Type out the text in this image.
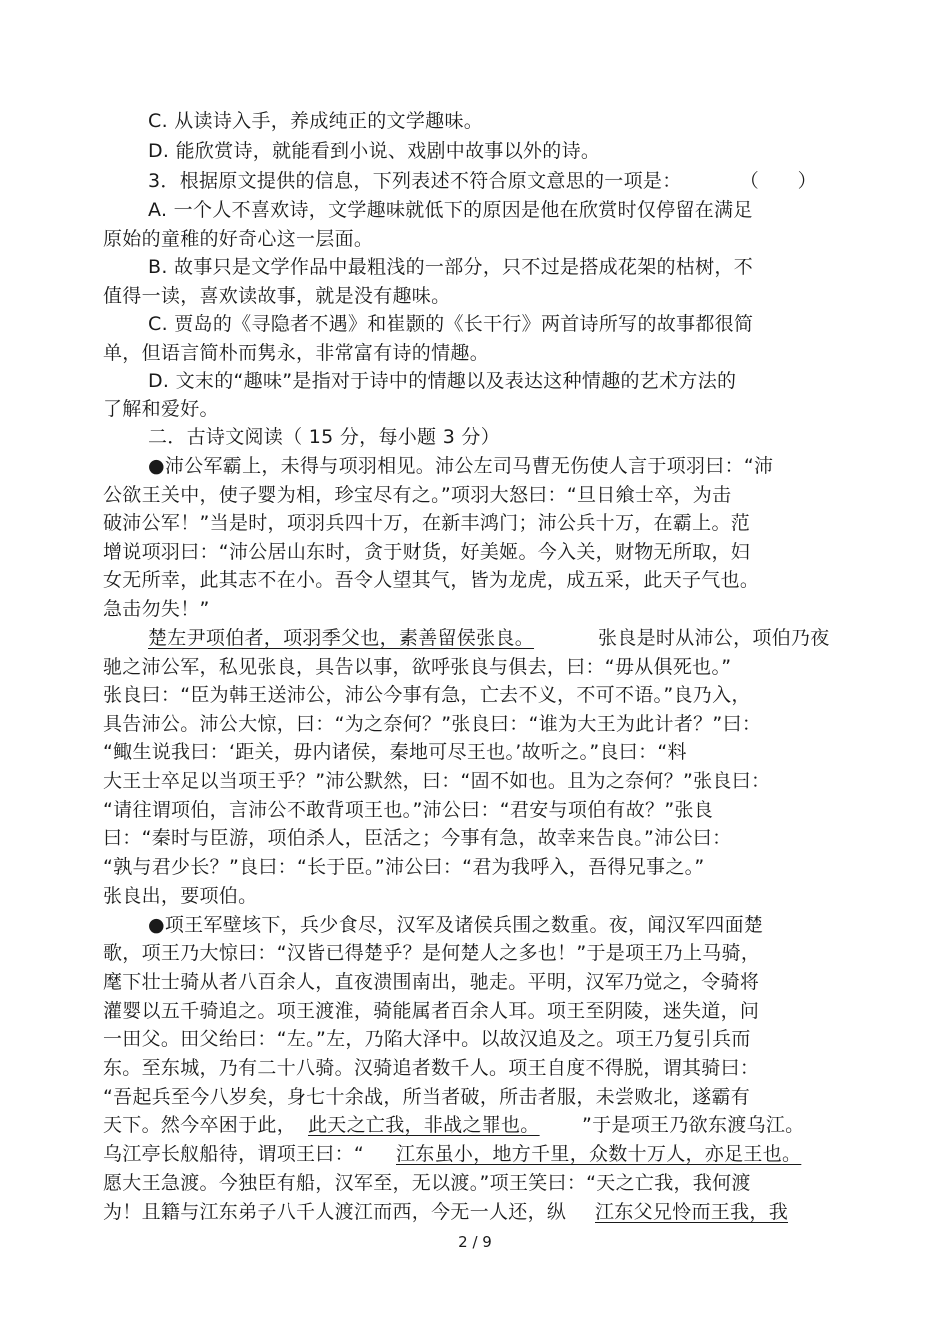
C. 从读诗入手，养成纯正的文学趣味。
D. 能欣赏诗，就能看到小说、戏剧中故事以外的诗。
3．根据原文提供的信息，下列表述不符合原文意思的一项是：　　　　（　　）
A. 一个人不喜欢诗，文学趣味就低下的原因是他在欣赏时仅停留在满足
原始的童稚的好奇心这一层面。
B. 故事只是文学作品中最粗浅的一部分，只不过是搭成花架的枯树，不
值得一读，喜欢读故事，就是没有趣味。
C. 贾岛的《寻隐者不遇》和崔颢的《长干行》两首诗所写的故事都很简
单，但语言简朴而隽永，非常富有诗的情趣。
D. 文末的“趣味”是指对于诗中的情趣以及表达这种情趣的艺术方法的
了解和爱好。
二．古诗文阅读（ 15 分，每小题 3 分）
●沛公军霸上，未得与项羽相见。沛公左司马曹无伤使人言于项羽曰：“沛
公欲王关中，使子婴为相，珍宝尽有之。”项羽大怒曰：“旦日飨士卒，为击
破沛公军！”当是时，项羽兵四十万，在新丰鸿门；沛公兵十万，在霸上。范
增说项羽曰：“沛公居山东时，贪于财货，好美姬。今入关，财物无所取，妇
女无所幸，此其志不在小。吾令人望其气，皆为龙虎，成五采，此天子气也。
急击勿失！”
楚左尹项伯者，项羽季父也，素善留侯张良。	张良是时从沛公，项伯乃夜
驰之沛公军，私见张良，具告以事，欲呼张良与俱去，曰：“毋从俱死也。”
张良曰：“臣为韩王送沛公，沛公今事有急，亡去不义，不可不语。”良乃入，
具告沛公。沛公大惊，曰：“为之奈何？”张良曰：“谁为大王为此计者？”曰：
“鲰生说我曰：‘距关，毋内诸侯，秦地可尽王也。’故听之。”良曰：“料
大王士卒足以当项王乎？”沛公默然，曰：“固不如也。且为之奈何？”张良曰：
“请往谓项伯，言沛公不敢背项王也。”沛公曰：“君安与项伯有故？”张良
曰：“秦时与臣游，项伯杀人，臣活之；今事有急，故幸来告良。”沛公曰：
“孰与君少长？”良曰：“长于臣。”沛公曰：“君为我呼入，吾得兄事之。”
张良出，要项伯。
●项王军壁垓下，兵少食尽，汉军及诸侯兵围之数重。夜，闻汉军四面楚
歌，项王乃大惊曰：“汉皆已得楚乎？是何楚人之多也！”于是项王乃上马骑，
麾下壮士骑从者八百余人，直夜溃围南出，驰走。平明，汉军乃觉之，令骑将
灌婴以五千骑追之。项王渡淮，骑能属者百余人耳。项王至阴陵，迷失道，问
一田父。田父绐曰：“左。”左，乃陷大泽中。以故汉追及之。项王乃复引兵而
东。至东城，乃有二十八骑。汉骑追者数千人。项王自度不得脱，谓其骑曰：
“吾起兵至今八岁矣，身七十余战，所当者破，所击者服，未尝败北，遂霸有
天下。然今卒困于此， 此天之亡我，非战之罪也。 ”于是项王乃欲东渡乌江。
乌江亭长舣船待，谓项王曰：“ 江东虽小，地方千里，众数十万人，亦足王也。
愿大王急渡。今独臣有船，汉军至，无以渡。”项王笑曰：“天之亡我，我何渡
为！且籍与江东弟子八千人渡江而西，今无一人还，纵 江东父兄怜而王我，我
2 / 9
